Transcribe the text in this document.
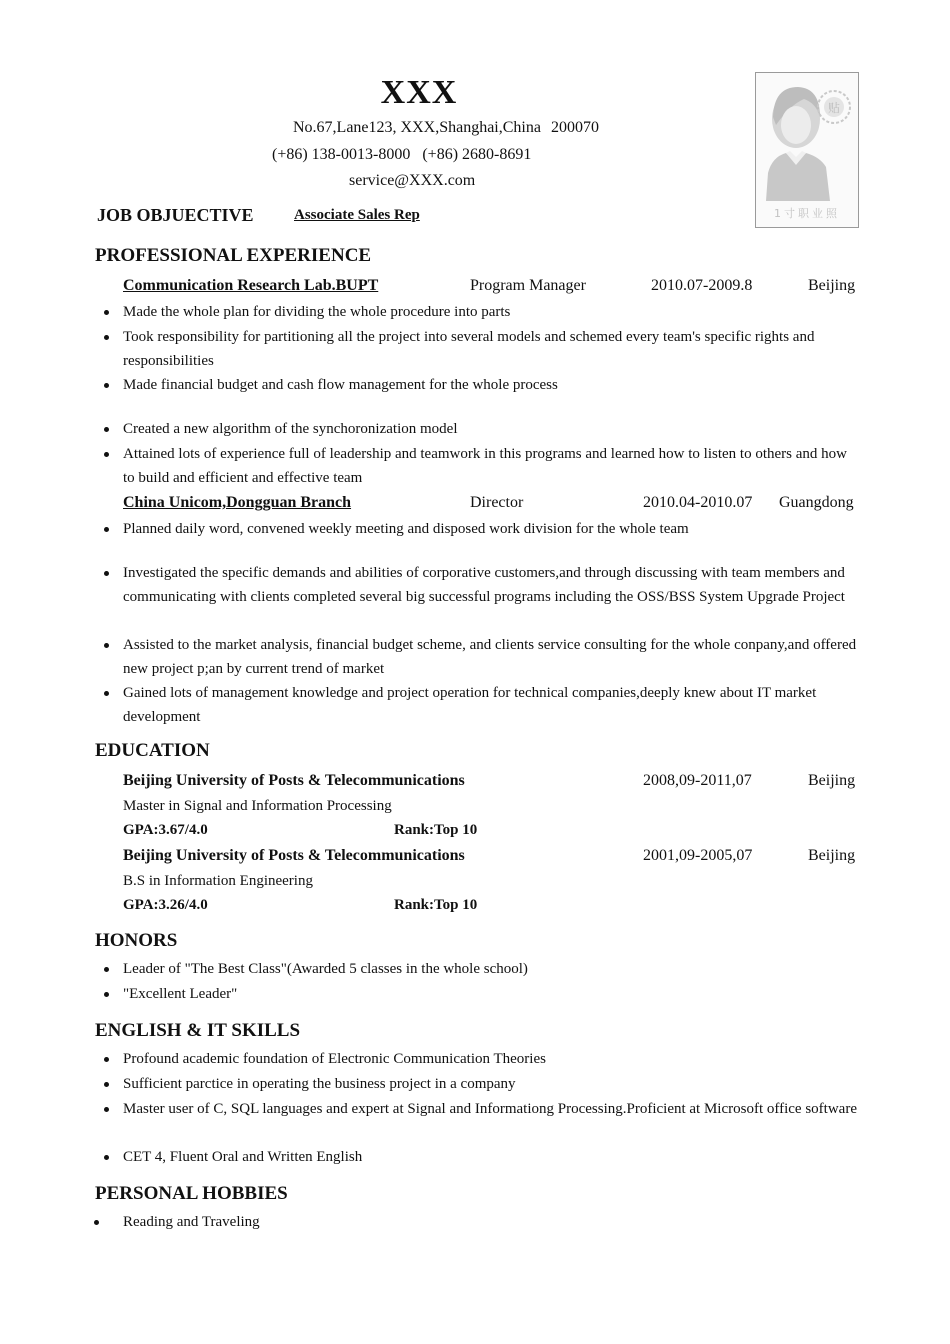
XXX
No.67,Lane123, XXX,Shanghai,China 200070
(+86) 138-0013-8000 (+86) 2680-8691
service@XXX.com
贴
1寸职业照
JOB OBJUECTIVE	Associate Sales Rep
PROFESSIONAL EXPERIENCE
Communication Research Lab.BUPT	Program Manager	2010.07-2009.8	Beijing
Made the whole plan for dividing the whole procedure into parts
Took responsibility for partitioning all the project into several models and schemed every team's specific rights and responsibilities
Made financial budget and cash flow management for the whole process
Created a new algorithm of the synchoronization model
Attained lots of experience full of leadership and teamwork in this programs and learned how to listen to others and how to build and efficient and effective team
China Unicom,Dongguan Branch	Director	2010.04-2010.07 Guangdong
Planned daily word, convened weekly meeting and disposed work division for the whole team
Investigated the specific demands and abilities of corporative customers,and through discussing with team members and communicating with clients completed several big successful programs including the OSS/BSS System Upgrade Project
Assisted to the market analysis, financial budget scheme, and clients service consulting for the whole conpany,and offered new project p;an by current trend of market
Gained lots of management knowledge and project operation for technical companies,deeply knew about IT market development
EDUCATION
Beijing University of Posts & Telecommunications	2008,09-2011,07	Beijing
Master in Signal and Information Processing
GPA:3.67/4.0	Rank:Top 10
Beijing University of Posts & Telecommunications	2001,09-2005,07	Beijing
B.S in Information Engineering
GPA:3.26/4.0	Rank:Top 10
HONORS
Leader of "The Best Class"(Awarded 5 classes in the whole school)
"Excellent Leader"
ENGLISH & IT SKILLS
Profound academic foundation of Electronic Communication Theories
Sufficient parctice in operating the business project in a company
Master user of C, SQL languages and expert at Signal and Informationg Processing.Proficient at Microsoft office software
CET 4, Fluent Oral and Written English
PERSONAL HOBBIES
Reading and Traveling
